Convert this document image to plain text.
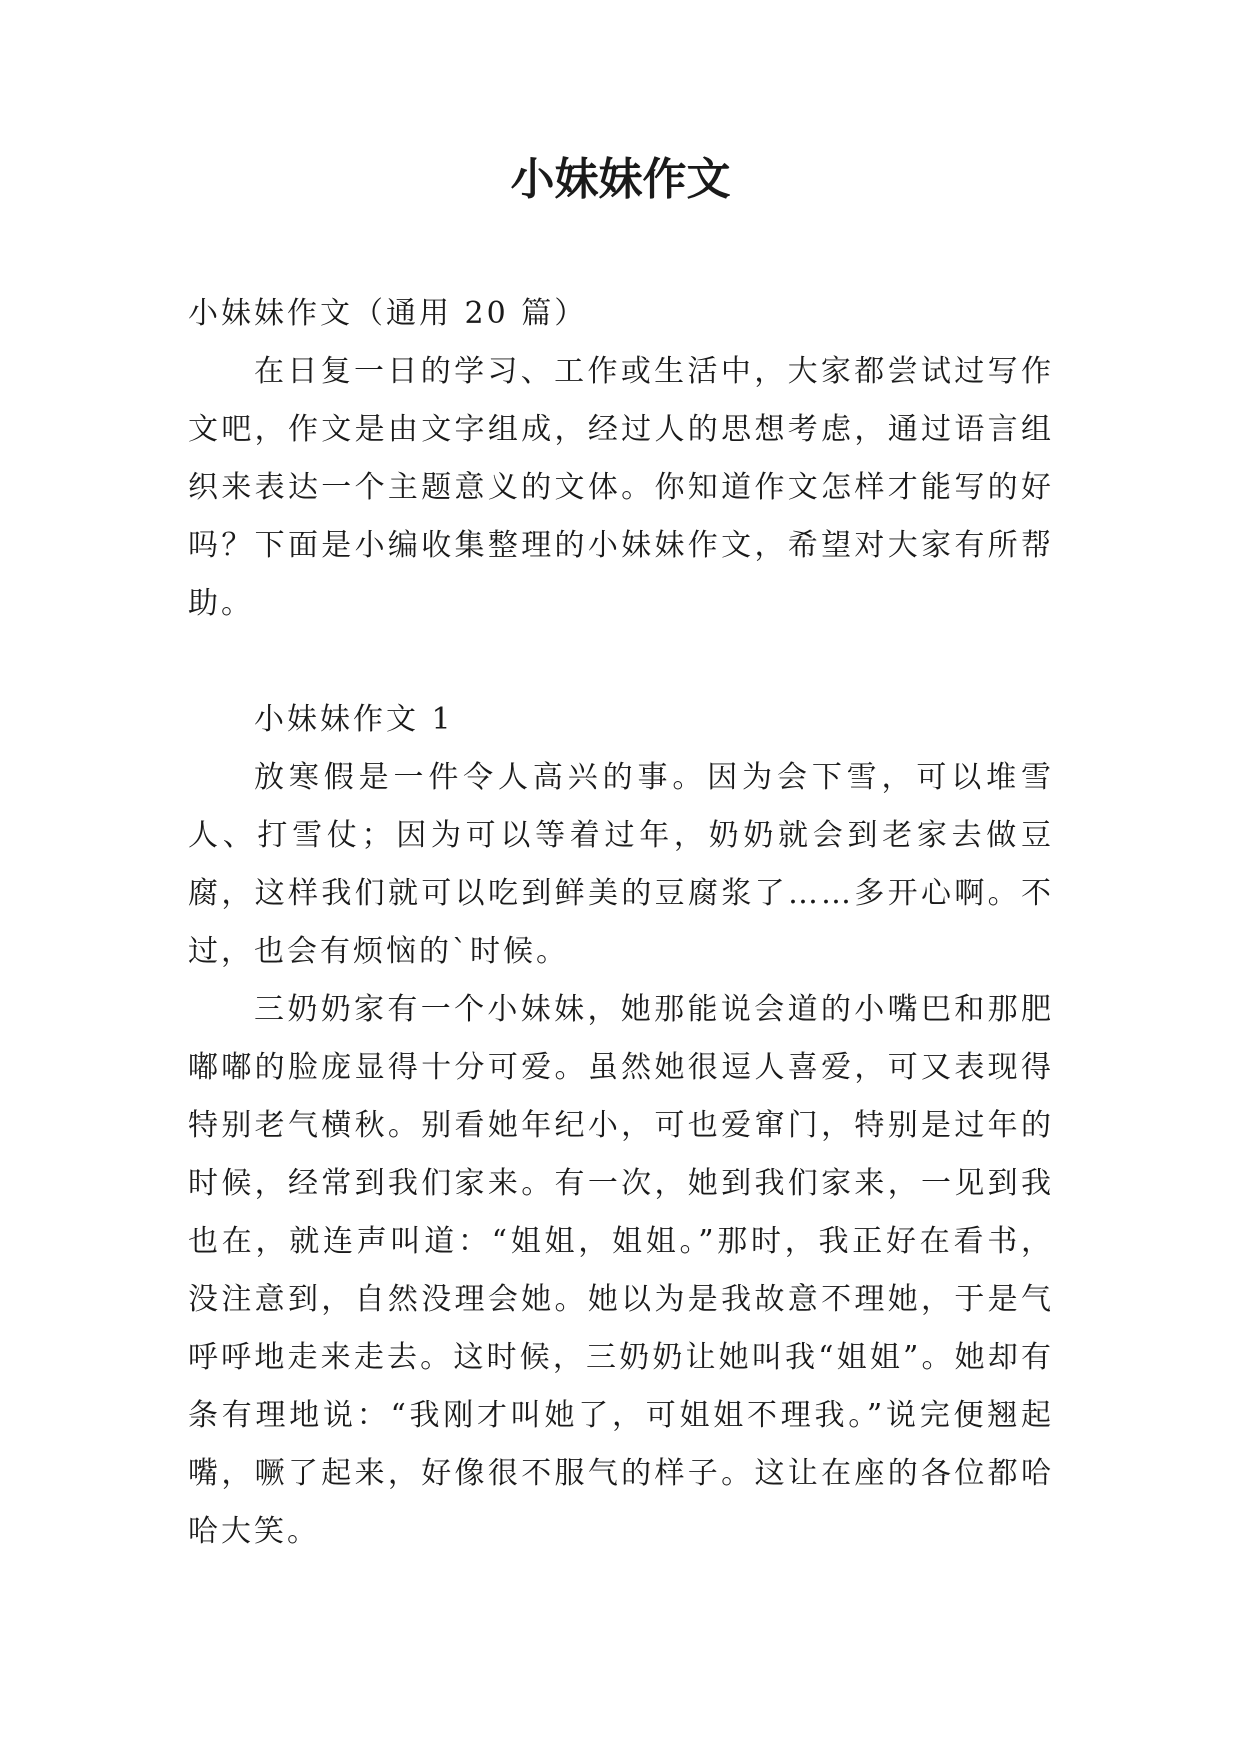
小妹妹作文

小妹妹作文（通用 20 篇）

在日复一日的学习、工作或生活中，大家都尝试过写作文吧，作文是由文字组成，经过人的思想考虑，通过语言组织来表达一个主题意义的文体。你知道作文怎样才能写的好吗？下面是小编收集整理的小妹妹作文，希望对大家有所帮助。

小妹妹作文 1

放寒假是一件令人高兴的事。因为会下雪，可以堆雪人、打雪仗；因为可以等着过年，奶奶就会到老家去做豆腐，这样我们就可以吃到鲜美的豆腐浆了……多开心啊。不过，也会有烦恼的`时候。

三奶奶家有一个小妹妹，她那能说会道的小嘴巴和那肥嘟嘟的脸庞显得十分可爱。虽然她很逗人喜爱，可又表现得特别老气横秋。别看她年纪小，可也爱窜门，特别是过年的时候，经常到我们家来。有一次，她到我们家来，一见到我也在，就连声叫道：“姐姐，姐姐。”那时，我正好在看书，没注意到，自然没理会她。她以为是我故意不理她，于是气呼呼地走来走去。这时候，三奶奶让她叫我“姐姐”。她却有条有理地说：“我刚才叫她了，可姐姐不理我。”说完便翘起嘴，噘了起来，好像很不服气的样子。这让在座的各位都哈哈大笑。
